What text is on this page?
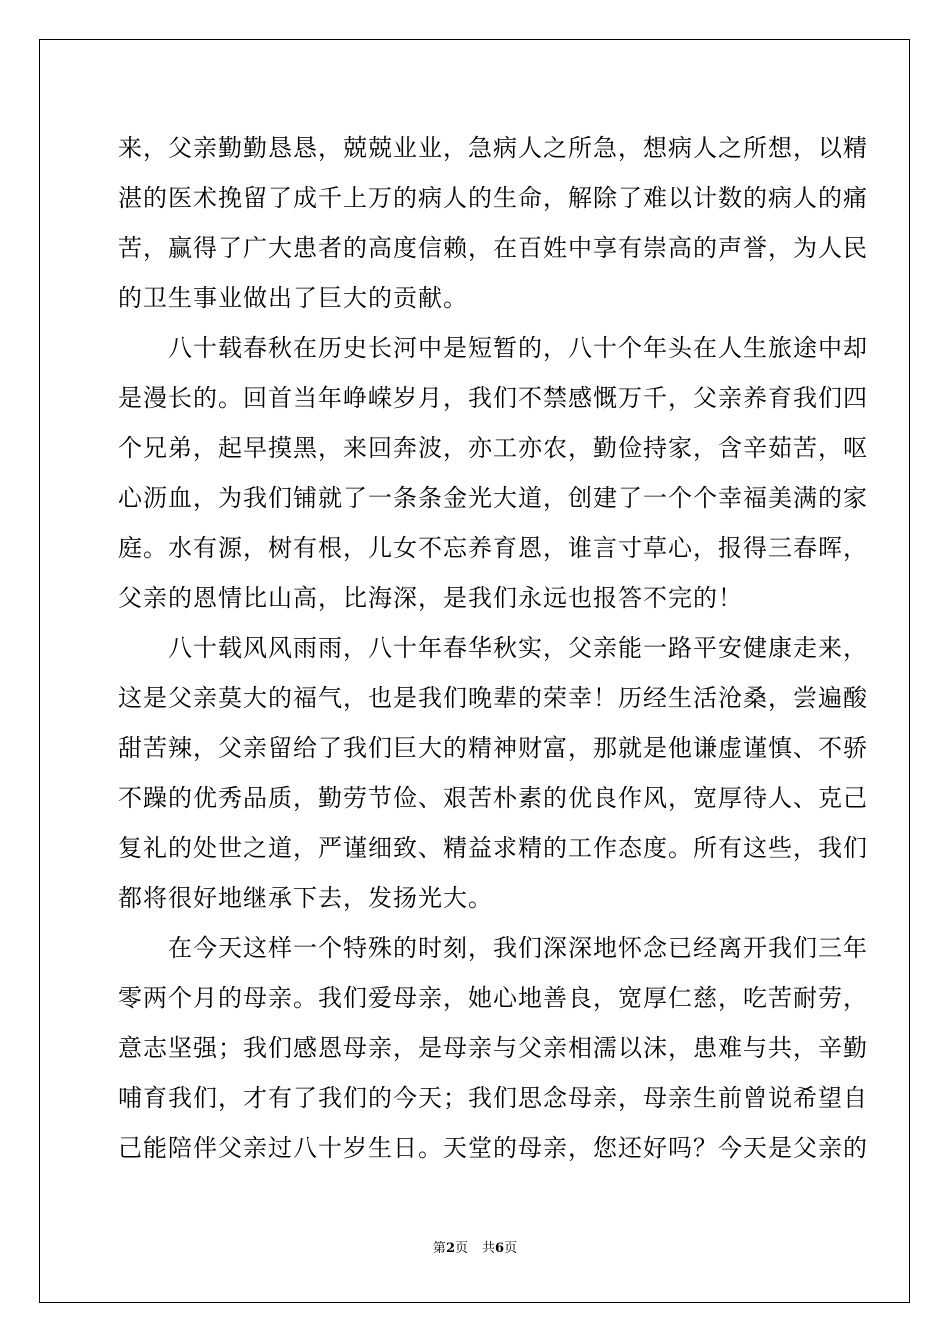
来，父亲勤勤恳恳，兢兢业业，急病人之所急，想病人之所想，以精
湛的医术挽留了成千上万的病人的生命，解除了难以计数的病人的痛
苦，赢得了广大患者的高度信赖，在百姓中享有崇高的声誉，为人民
的卫生事业做出了巨大的贡献。
　　八十载春秋在历史长河中是短暂的，八十个年头在人生旅途中却
是漫长的。回首当年峥嵘岁月，我们不禁感慨万千，父亲养育我们四
个兄弟，起早摸黑，来回奔波，亦工亦农，勤俭持家，含辛茹苦，呕
心沥血，为我们铺就了一条条金光大道，创建了一个个幸福美满的家
庭。水有源，树有根，儿女不忘养育恩，谁言寸草心，报得三春晖，
父亲的恩情比山高，比海深，是我们永远也报答不完的！
　　八十载风风雨雨，八十年春华秋实，父亲能一路平安健康走来，
这是父亲莫大的福气，也是我们晚辈的荣幸！历经生活沧桑，尝遍酸
甜苦辣，父亲留给了我们巨大的精神财富，那就是他谦虚谨慎、不骄
不躁的优秀品质，勤劳节俭、艰苦朴素的优良作风，宽厚待人、克己
复礼的处世之道，严谨细致、精益求精的工作态度。所有这些，我们
都将很好地继承下去，发扬光大。
　　在今天这样一个特殊的时刻，我们深深地怀念已经离开我们三年
零两个月的母亲。我们爱母亲，她心地善良，宽厚仁慈，吃苦耐劳，
意志坚强；我们感恩母亲，是母亲与父亲相濡以沫，患难与共，辛勤
哺育我们，才有了我们的今天；我们思念母亲，母亲生前曾说希望自
己能陪伴父亲过八十岁生日。天堂的母亲，您还好吗？今天是父亲的
第2页 共6页
